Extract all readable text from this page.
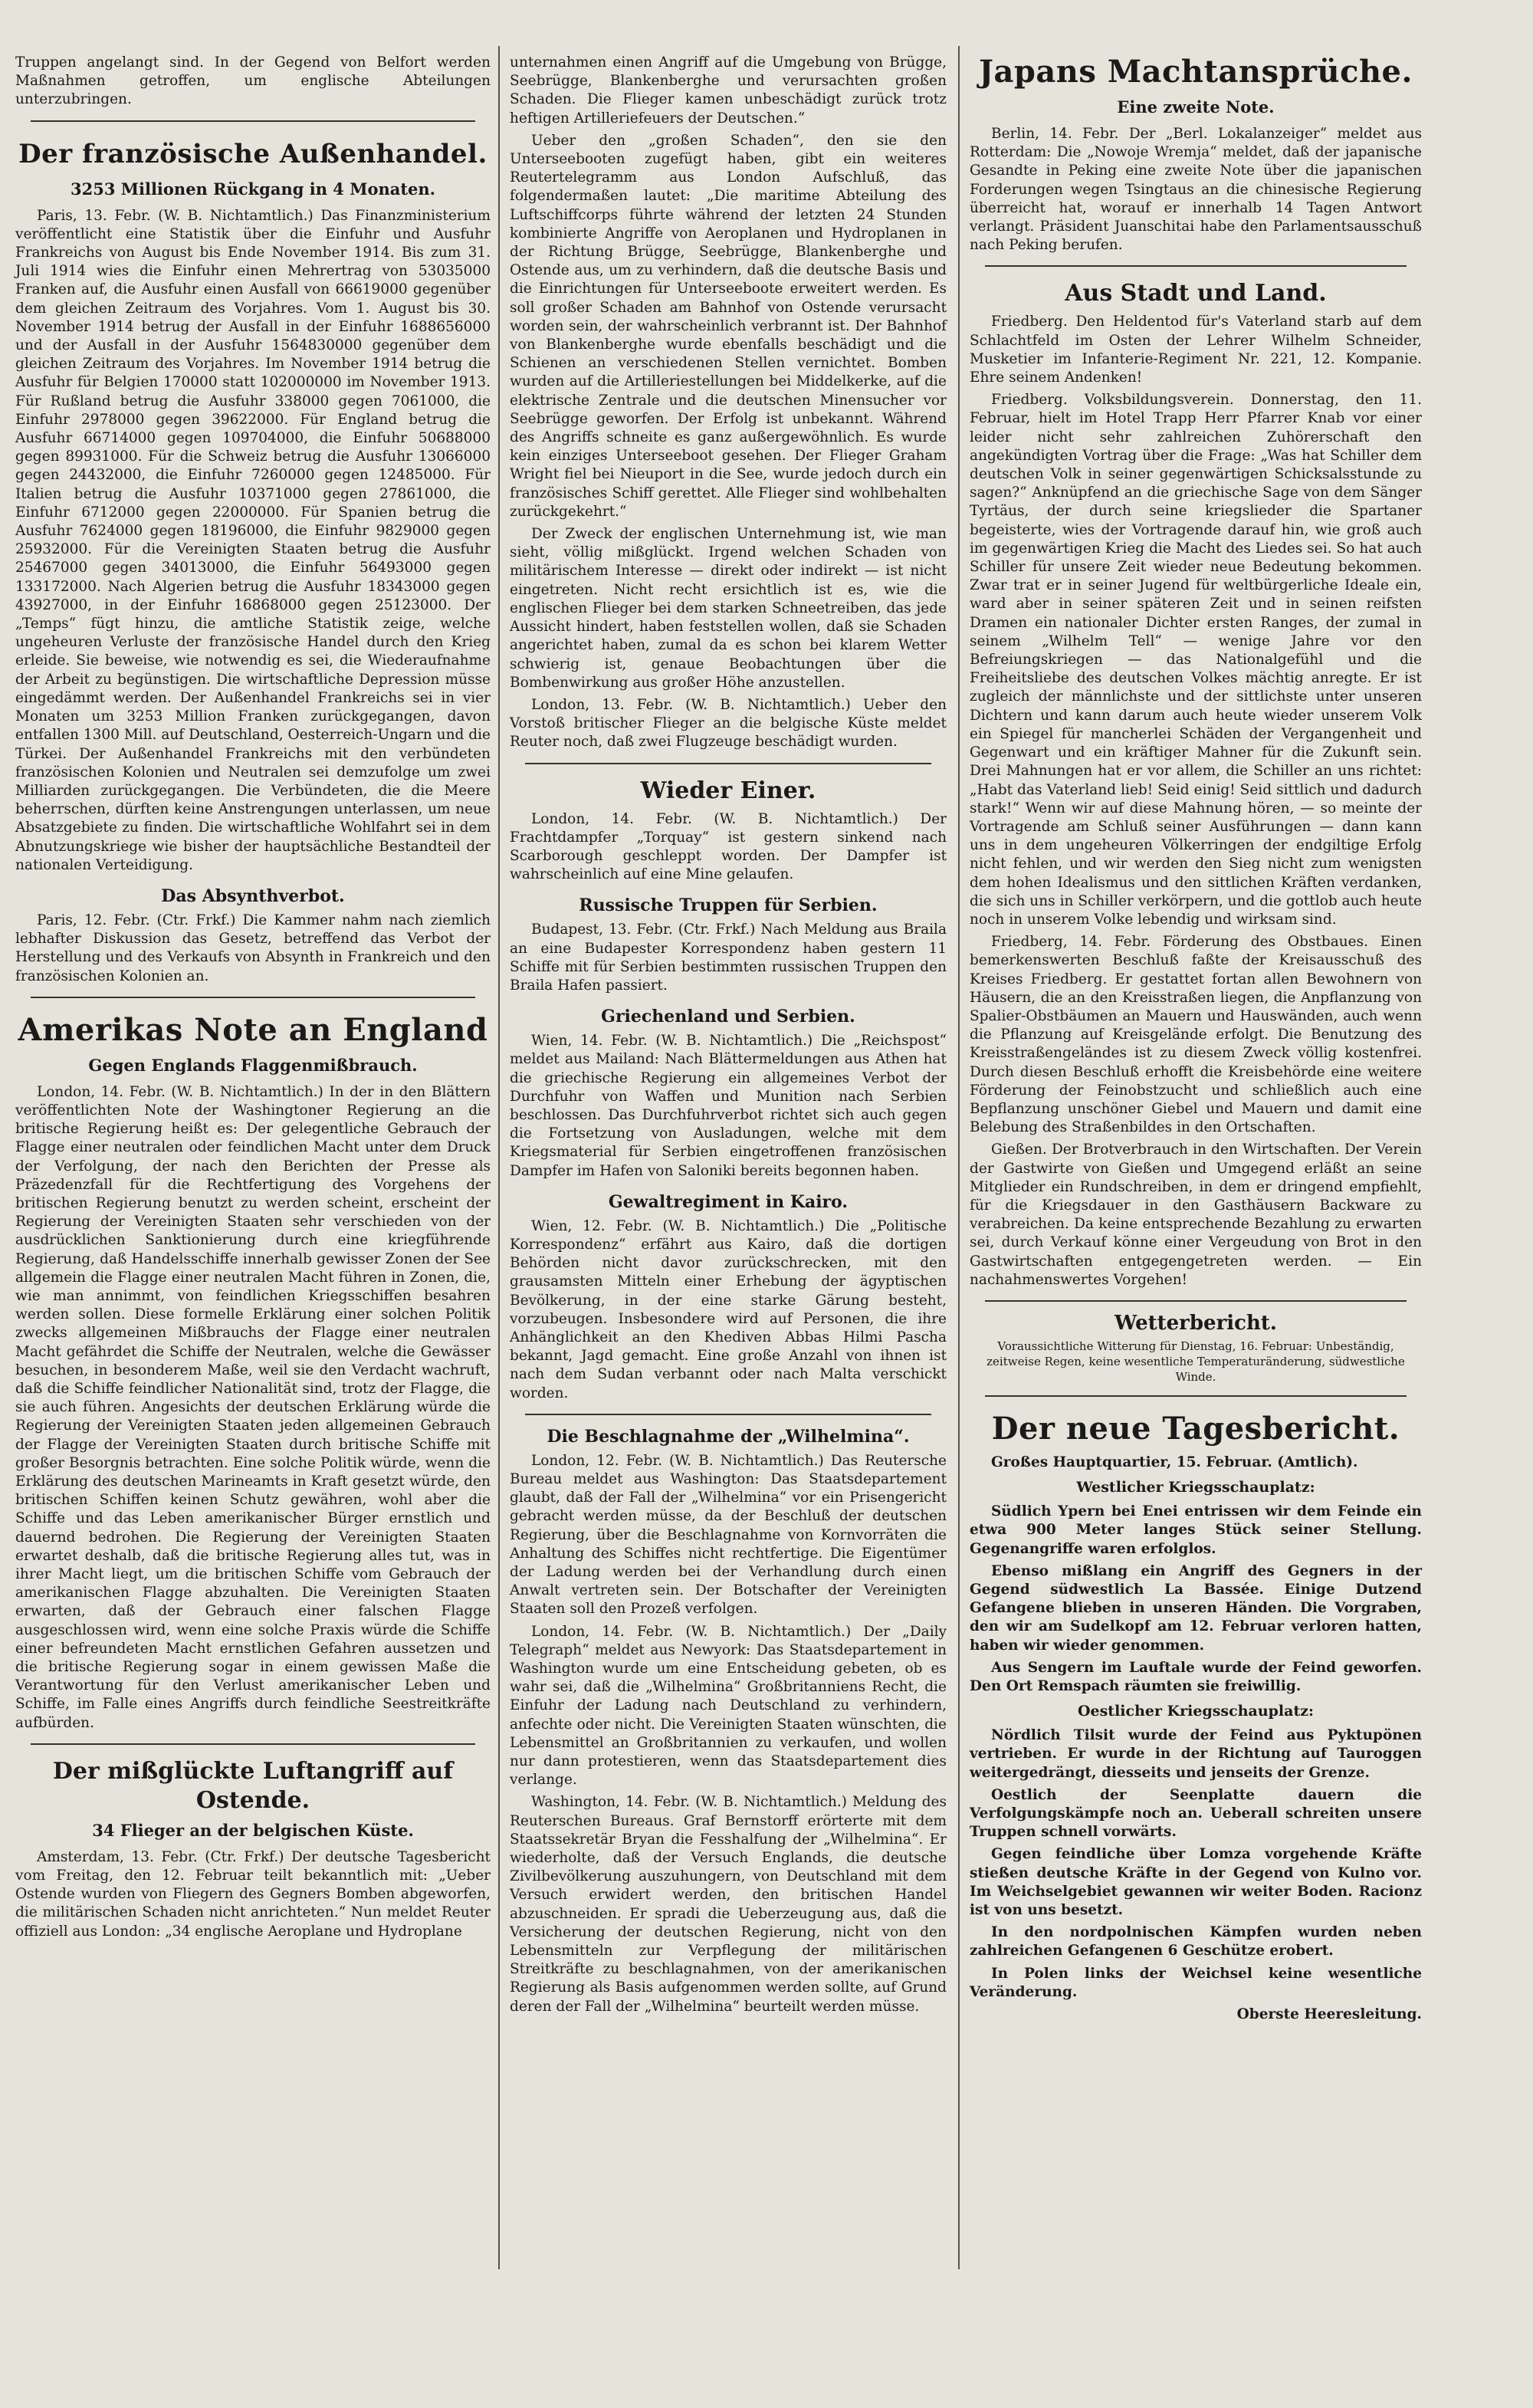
Truppen angelangt sind. In der Gegend von Belfort werden Maßnahmen getroffen, um englische Abteilungen unterzubringen.

Der französische Außenhandel.
3253 Millionen Rückgang in 4 Monaten.

Paris, 13. Febr. (W. B. Nichtamtlich.) Das Finanzministerium veröffentlicht eine Statistik über die Einfuhr und Ausfuhr Frankreichs von August bis Ende November 1914. Bis zum 31. Juli 1914 wies die Einfuhr einen Mehrertrag von 53035000 Franken auf, die Ausfuhr einen Ausfall von 66619000 gegenüber dem gleichen Zeitraum des Vorjahres. Vom 1. August bis 30. November 1914 betrug der Ausfall in der Einfuhr 1688656000 und der Ausfall in der Ausfuhr 1564830000 gegenüber dem gleichen Zeitraum des Vorjahres. Im November 1914 betrug die Ausfuhr für Belgien 170000 statt 102000000 im November 1913. Für Rußland betrug die Ausfuhr 338000 gegen 7061000, die Einfuhr 2978000 gegen 39622000. Für England betrug die Ausfuhr 66714000 gegen 109704000, die Einfuhr 50688000 gegen 89931000. Für die Schweiz betrug die Ausfuhr 13066000 gegen 24432000, die Einfuhr 7260000 gegen 12485000. Für Italien betrug die Ausfuhr 10371000 gegen 27861000, die Einfuhr 6712000 gegen 22000000. Für Spanien betrug die Ausfuhr 7624000 gegen 18196000, die Einfuhr 9829000 gegen 25932000. Für die Vereinigten Staaten betrug die Ausfuhr 25467000 gegen 34013000, die Einfuhr 56493000 gegen 133172000. Nach Algerien betrug die Ausfuhr 18343000 gegen 43927000, in der Einfuhr 16868000 gegen 25123000. Der „Temps“ fügt hinzu, die amtliche Statistik zeige, welche ungeheuren Verluste der französische Handel durch den Krieg erleide. Sie beweise, wie notwendig es sei, die Wiederaufnahme der Arbeit zu begünstigen. Die wirtschaftliche Depression müsse eingedämmt werden. Der Außenhandel Frankreichs sei in vier Monaten um 3253 Million Franken zurückgegangen, davon entfallen 1300 Mill. auf Deutschland, Oesterreich-Ungarn und die Türkei. Der Außenhandel Frankreichs mit den verbündeten französischen Kolonien und Neutralen sei demzufolge um zwei Milliarden zurückgegangen. Die Verbündeten, die die Meere beherrschen, dürften keine Anstrengungen unterlassen, um neue Absatzgebiete zu finden. Die wirtschaftliche Wohlfahrt sei in dem Abnutzungskriege wie bisher der hauptsächliche Bestandteil der nationalen Verteidigung.

Das Absynthverbot.

Paris, 12. Febr. (Ctr. Frkf.) Die Kammer nahm nach ziemlich lebhafter Diskussion das Gesetz, betreffend das Verbot der Herstellung und des Verkaufs von Absynth in Frankreich und den französischen Kolonien an.

Amerikas Note an England
Gegen Englands Flaggenmißbrauch.

London, 14. Febr. (W. B. Nichtamtlich.) In der in den Blättern veröffentlichten Note der Washingtoner Regierung an die britische Regierung heißt es: Der gelegentliche Gebrauch der Flagge einer neutralen oder feindlichen Macht unter dem Druck der Verfolgung, der nach den Berichten der Presse als Präzedenzfall für die Rechtfertigung des Vorgehens der britischen Regierung benutzt zu werden scheint, erscheint der Regierung der Vereinigten Staaten sehr verschieden von der ausdrücklichen Sanktionierung durch eine kriegführende Regierung, daß Handelsschiffe innerhalb gewisser Zonen der See allgemein die Flagge einer neutralen Macht führen in Zonen, die, wie man annimmt, von feindlichen Kriegsschiffen besahren werden sollen. Diese formelle Erklärung einer solchen Politik zwecks allgemeinen Mißbrauchs der Flagge einer neutralen Macht gefährdet die Schiffe der Neutralen, welche die Gewässer besuchen, in besonderem Maße, weil sie den Verdacht wachruft, daß die Schiffe feindlicher Nationalität sind, trotz der Flagge, die sie auch führen. Angesichts der deutschen Erklärung würde die Regierung der Vereinigten Staaten jeden allgemeinen Gebrauch der Flagge der Vereinigten Staaten durch britische Schiffe mit großer Besorgnis betrachten. Eine solche Politik würde, wenn die Erklärung des deutschen Marineamts in Kraft gesetzt würde, den britischen Schiffen keinen Schutz gewähren, wohl aber die Schiffe und das Leben amerikanischer Bürger ernstlich und dauernd bedrohen. Die Regierung der Vereinigten Staaten erwartet deshalb, daß die britische Regierung alles tut, was in ihrer Macht liegt, um die britischen Schiffe vom Gebrauch der amerikanischen Flagge abzuhalten. Die Vereinigten Staaten erwarten, daß der Gebrauch einer falschen Flagge ausgeschlossen wird, wenn eine solche Praxis würde die Schiffe einer befreundeten Macht ernstlichen Gefahren aussetzen und die britische Regierung sogar in einem gewissen Maße die Verantwortung für den Verlust amerikanischer Leben und Schiffe, im Falle eines Angriffs durch feindliche Seestreitkräfte aufbürden.

Der mißglückte Luftangriff auf Ostende.
34 Flieger an der belgischen Küste.

Amsterdam, 13. Febr. (Ctr. Frkf.) Der deutsche Tagesbericht vom Freitag, den 12. Februar teilt bekanntlich mit: „Ueber Ostende wurden von Fliegern des Gegners Bomben abgeworfen, die militärischen Schaden nicht anrichteten.“ Nun meldet Reuter offiziell aus London: „34 englische Aeroplane und Hydroplane

unternahmen einen Angriff auf die Umgebung von Brügge, Seebrügge, Blankenberghe und verursachten großen Schaden. Die Flieger kamen unbeschädigt zurück trotz heftigen Artilleriefeuers der Deutschen.“

Ueber den „großen Schaden“, den sie den Unterseebooten zugefügt haben, gibt ein weiteres Reutertelegramm aus London Aufschluß, das folgendermaßen lautet: „Die maritime Abteilung des Luftschiffcorps führte während der letzten 24 Stunden kombinierte Angriffe von Aeroplanen und Hydroplanen in der Richtung Brügge, Seebrügge, Blankenberghe und Ostende aus, um zu verhindern, daß die deutsche Basis und die Einrichtungen für Unterseeboote erweitert werden. Es soll großer Schaden am Bahnhof von Ostende verursacht worden sein, der wahrscheinlich verbrannt ist. Der Bahnhof von Blankenberghe wurde ebenfalls beschädigt und die Schienen an verschiedenen Stellen vernichtet. Bomben wurden auf die Artilleriestellungen bei Middelkerke, auf die elektrische Zentrale und die deutschen Minensucher vor Seebrügge geworfen. Der Erfolg ist unbekannt. Während des Angriffs schneite es ganz außergewöhnlich. Es wurde kein einziges Unterseeboot gesehen. Der Flieger Graham Wright fiel bei Nieuport in die See, wurde jedoch durch ein französisches Schiff gerettet. Alle Flieger sind wohlbehalten zurückgekehrt.“

Der Zweck der englischen Unternehmung ist, wie man sieht, völlig mißglückt. Irgend welchen Schaden von militärischem Interesse — direkt oder indirekt — ist nicht eingetreten. Nicht recht ersichtlich ist es, wie die englischen Flieger bei dem starken Schneetreiben, das jede Aussicht hindert, haben feststellen wollen, daß sie Schaden angerichtet haben, zumal da es schon bei klarem Wetter schwierig ist, genaue Beobachtungen über die Bombenwirkung aus großer Höhe anzustellen.

London, 13. Febr. (W. B. Nichtamtlich.) Ueber den Vorstoß britischer Flieger an die belgische Küste meldet Reuter noch, daß zwei Flugzeuge beschädigt wurden.

Wieder Einer.

London, 14. Febr. (W. B. Nichtamtlich.) Der Frachtdampfer „Torquay“ ist gestern sinkend nach Scarborough geschleppt worden. Der Dampfer ist wahrscheinlich auf eine Mine gelaufen.

Russische Truppen für Serbien.

Budapest, 13. Febr. (Ctr. Frkf.) Nach Meldung aus Braila an eine Budapester Korrespondenz haben gestern 11 Schiffe mit für Serbien bestimmten russischen Truppen den Braila Hafen passiert.

Griechenland und Serbien.

Wien, 14. Febr. (W. B. Nichtamtlich.) Die „Reichspost“ meldet aus Mailand: Nach Blättermeldungen aus Athen hat die griechische Regierung ein allgemeines Verbot der Durchfuhr von Waffen und Munition nach Serbien beschlossen. Das Durchfuhrverbot richtet sich auch gegen die Fortsetzung von Ausladungen, welche mit dem Kriegsmaterial für Serbien eingetroffenen französischen Dampfer im Hafen von Saloniki bereits begonnen haben.

Gewaltregiment in Kairo.

Wien, 12. Febr. (W. B. Nichtamtlich.) Die „Politische Korrespondenz“ erfährt aus Kairo, daß die dortigen Behörden nicht davor zurückschrecken, mit den grausamsten Mitteln einer Erhebung der ägyptischen Bevölkerung, in der eine starke Gärung besteht, vorzubeugen. Insbesondere wird auf Personen, die ihre Anhänglichkeit an den Khediven Abbas Hilmi Pascha bekannt, Jagd gemacht. Eine große Anzahl von ihnen ist nach dem Sudan verbannt oder nach Malta verschickt worden.

Die Beschlagnahme der „Wilhelmina“.

London, 12. Febr. (W. B. Nichtamtlich.) Das Reutersche Bureau meldet aus Washington: Das Staatsdepartement glaubt, daß der Fall der „Wilhelmina“ vor ein Prisengericht gebracht werden müsse, da der Beschluß der deutschen Regierung, über die Beschlagnahme von Kornvorräten die Anhaltung des Schiffes nicht rechtfertige. Die Eigentümer der Ladung werden bei der Verhandlung durch einen Anwalt vertreten sein. Der Botschafter der Vereinigten Staaten soll den Prozeß verfolgen.

London, 14. Febr. (W. B. Nichtamtlich.) Der „Daily Telegraph“ meldet aus Newyork: Das Staatsdepartement in Washington wurde um eine Entscheidung gebeten, ob es wahr sei, daß die „Wilhelmina“ Großbritanniens Recht, die Einfuhr der Ladung nach Deutschland zu verhindern, anfechte oder nicht. Die Vereinigten Staaten wünschten, die Lebensmittel an Großbritannien zu verkaufen, und wollen nur dann protestieren, wenn das Staatsdepartement dies verlange.

Washington, 14. Febr. (W. B. Nichtamtlich.) Meldung des Reuterschen Bureaus. Graf Bernstorff erörterte mit dem Staatssekretär Bryan die Fesshalfung der „Wilhelmina“. Er wiederholte, daß der Versuch Englands, die deutsche Zivilbevölkerung auszuhungern, von Deutschland mit dem Versuch erwidert werden, den britischen Handel abzuschneiden. Er spradi die Ueberzeugung aus, daß die Versicherung der deutschen Regierung, nicht von den Lebensmitteln zur Verpflegung der militärischen Streitkräfte zu beschlagnahmen, von der amerikanischen Regierung als Basis aufgenommen werden sollte, auf Grund deren der Fall der „Wilhelmina“ beurteilt werden müsse.

Japans Machtansprüche.
Eine zweite Note.

Berlin, 14. Febr. Der „Berl. Lokalanzeiger“ meldet aus Rotterdam: Die „Nowoje Wremja“ meldet, daß der japanische Gesandte in Peking eine zweite Note über die japanischen Forderungen wegen Tsingtaus an die chinesische Regierung überreicht hat, worauf er innerhalb 14 Tagen Antwort verlangt. Präsident Juanschitai habe den Parlamentsausschuß nach Peking berufen.

Aus Stadt und Land.

Friedberg. Den Heldentod für's Vaterland starb auf dem Schlachtfeld im Osten der Lehrer Wilhelm Schneider, Musketier im Infanterie-Regiment Nr. 221, 12. Kompanie. Ehre seinem Andenken!

Friedberg. Volksbildungsverein. Donnerstag, den 11. Februar, hielt im Hotel Trapp Herr Pfarrer Knab vor einer leider nicht sehr zahlreichen Zuhörerschaft den angekündigten Vortrag über die Frage: „Was hat Schiller dem deutschen Volk in seiner gegenwärtigen Schicksalsstunde zu sagen?“ Anknüpfend an die griechische Sage von dem Sänger Tyrtäus, der durch seine kriegslieder die Spartaner begeisterte, wies der Vortragende darauf hin, wie groß auch im gegenwärtigen Krieg die Macht des Liedes sei. So hat auch Schiller für unsere Zeit wieder neue Bedeutung bekommen. Zwar trat er in seiner Jugend für weltbürgerliche Ideale ein, ward aber in seiner späteren Zeit und in seinen reifsten Dramen ein nationaler Dichter ersten Ranges, der zumal in seinem „Wilhelm Tell“ — wenige Jahre vor den Befreiungskriegen — das Nationalgefühl und die Freiheitsliebe des deutschen Volkes mächtig anregte. Er ist zugleich der männlichste und der sittlichste unter unseren Dichtern und kann darum auch heute wieder unserem Volk ein Spiegel für mancherlei Schäden der Vergangenheit und Gegenwart und ein kräftiger Mahner für die Zukunft sein. Drei Mahnungen hat er vor allem, die Schiller an uns richtet: „Habt das Vaterland lieb! Seid einig! Seid sittlich und dadurch stark!“ Wenn wir auf diese Mahnung hören, — so meinte der Vortragende am Schluß seiner Ausführungen — dann kann uns in dem ungeheuren Völkerringen der endgiltige Erfolg nicht fehlen, und wir werden den Sieg nicht zum wenigsten dem hohen Idealismus und den sittlichen Kräften verdanken, die sich uns in Schiller verkörpern, und die gottlob auch heute noch in unserem Volke lebendig und wirksam sind.

Friedberg, 14. Febr. Förderung des Obstbaues. Einen bemerkenswerten Beschluß faßte der Kreisausschuß des Kreises Friedberg. Er gestattet fortan allen Bewohnern von Häusern, die an den Kreisstraßen liegen, die Anpflanzung von Spalier-Obstbäumen an Mauern und Hauswänden, auch wenn die Pflanzung auf Kreisgelände erfolgt. Die Benutzung des Kreisstraßengeländes ist zu diesem Zweck völlig kostenfrei. Durch diesen Beschluß erhofft die Kreisbehörde eine weitere Förderung der Feinobstzucht und schließlich auch eine Bepflanzung unschöner Giebel und Mauern und damit eine Belebung des Straßenbildes in den Ortschaften.

Gießen. Der Brotverbrauch in den Wirtschaften. Der Verein der Gastwirte von Gießen und Umgegend erläßt an seine Mitglieder ein Rundschreiben, in dem er dringend empfiehlt, für die Kriegsdauer in den Gasthäusern Backware zu verabreichen. Da keine entsprechende Bezahlung zu erwarten sei, durch Verkauf könne einer Vergeudung von Brot in den Gastwirtschaften entgegengetreten werden. — Ein nachahmenswertes Vorgehen!

Wetterbericht.

Voraussichtliche Witterung für Dienstag, 16. Februar: Unbeständig, zeitweise Regen, keine wesentliche Temperaturänderung, südwestliche Winde.

Der neue Tagesbericht.

Großes Hauptquartier, 15. Februar. (Amtlich).

Westlicher Kriegsschauplatz:

Südlich Ypern bei Enei entrissen wir dem Feinde ein etwa 900 Meter langes Stück seiner Stellung. Gegenangriffe waren erfolglos.

Ebenso mißlang ein Angriff des Gegners in der Gegend südwestlich La Bassée. Einige Dutzend Gefangene blieben in unseren Händen. Die Vorgraben, den wir am Sudelkopf am 12. Februar verloren hatten, haben wir wieder genommen.

Aus Sengern im Lauftale wurde der Feind geworfen. Den Ort Remspach räumten sie freiwillig.

Oestlicher Kriegsschauplatz:

Nördlich Tilsit wurde der Feind aus Pyktupönen vertrieben. Er wurde in der Richtung auf Tauroggen weitergedrängt, diesseits und jenseits der Grenze.

Oestlich der Seenplatte dauern die Verfolgungskämpfe noch an. Ueberall schreiten unsere Truppen schnell vorwärts.

Gegen feindliche über Lomza vorgehende Kräfte stießen deutsche Kräfte in der Gegend von Kulno vor. Im Weichselgebiet gewannen wir weiter Boden. Racionz ist von uns besetzt.

In den nordpolnischen Kämpfen wurden neben zahlreichen Gefangenen 6 Geschütze erobert.

In Polen links der Weichsel keine wesentliche Veränderung.

Oberste Heeresleitung.
